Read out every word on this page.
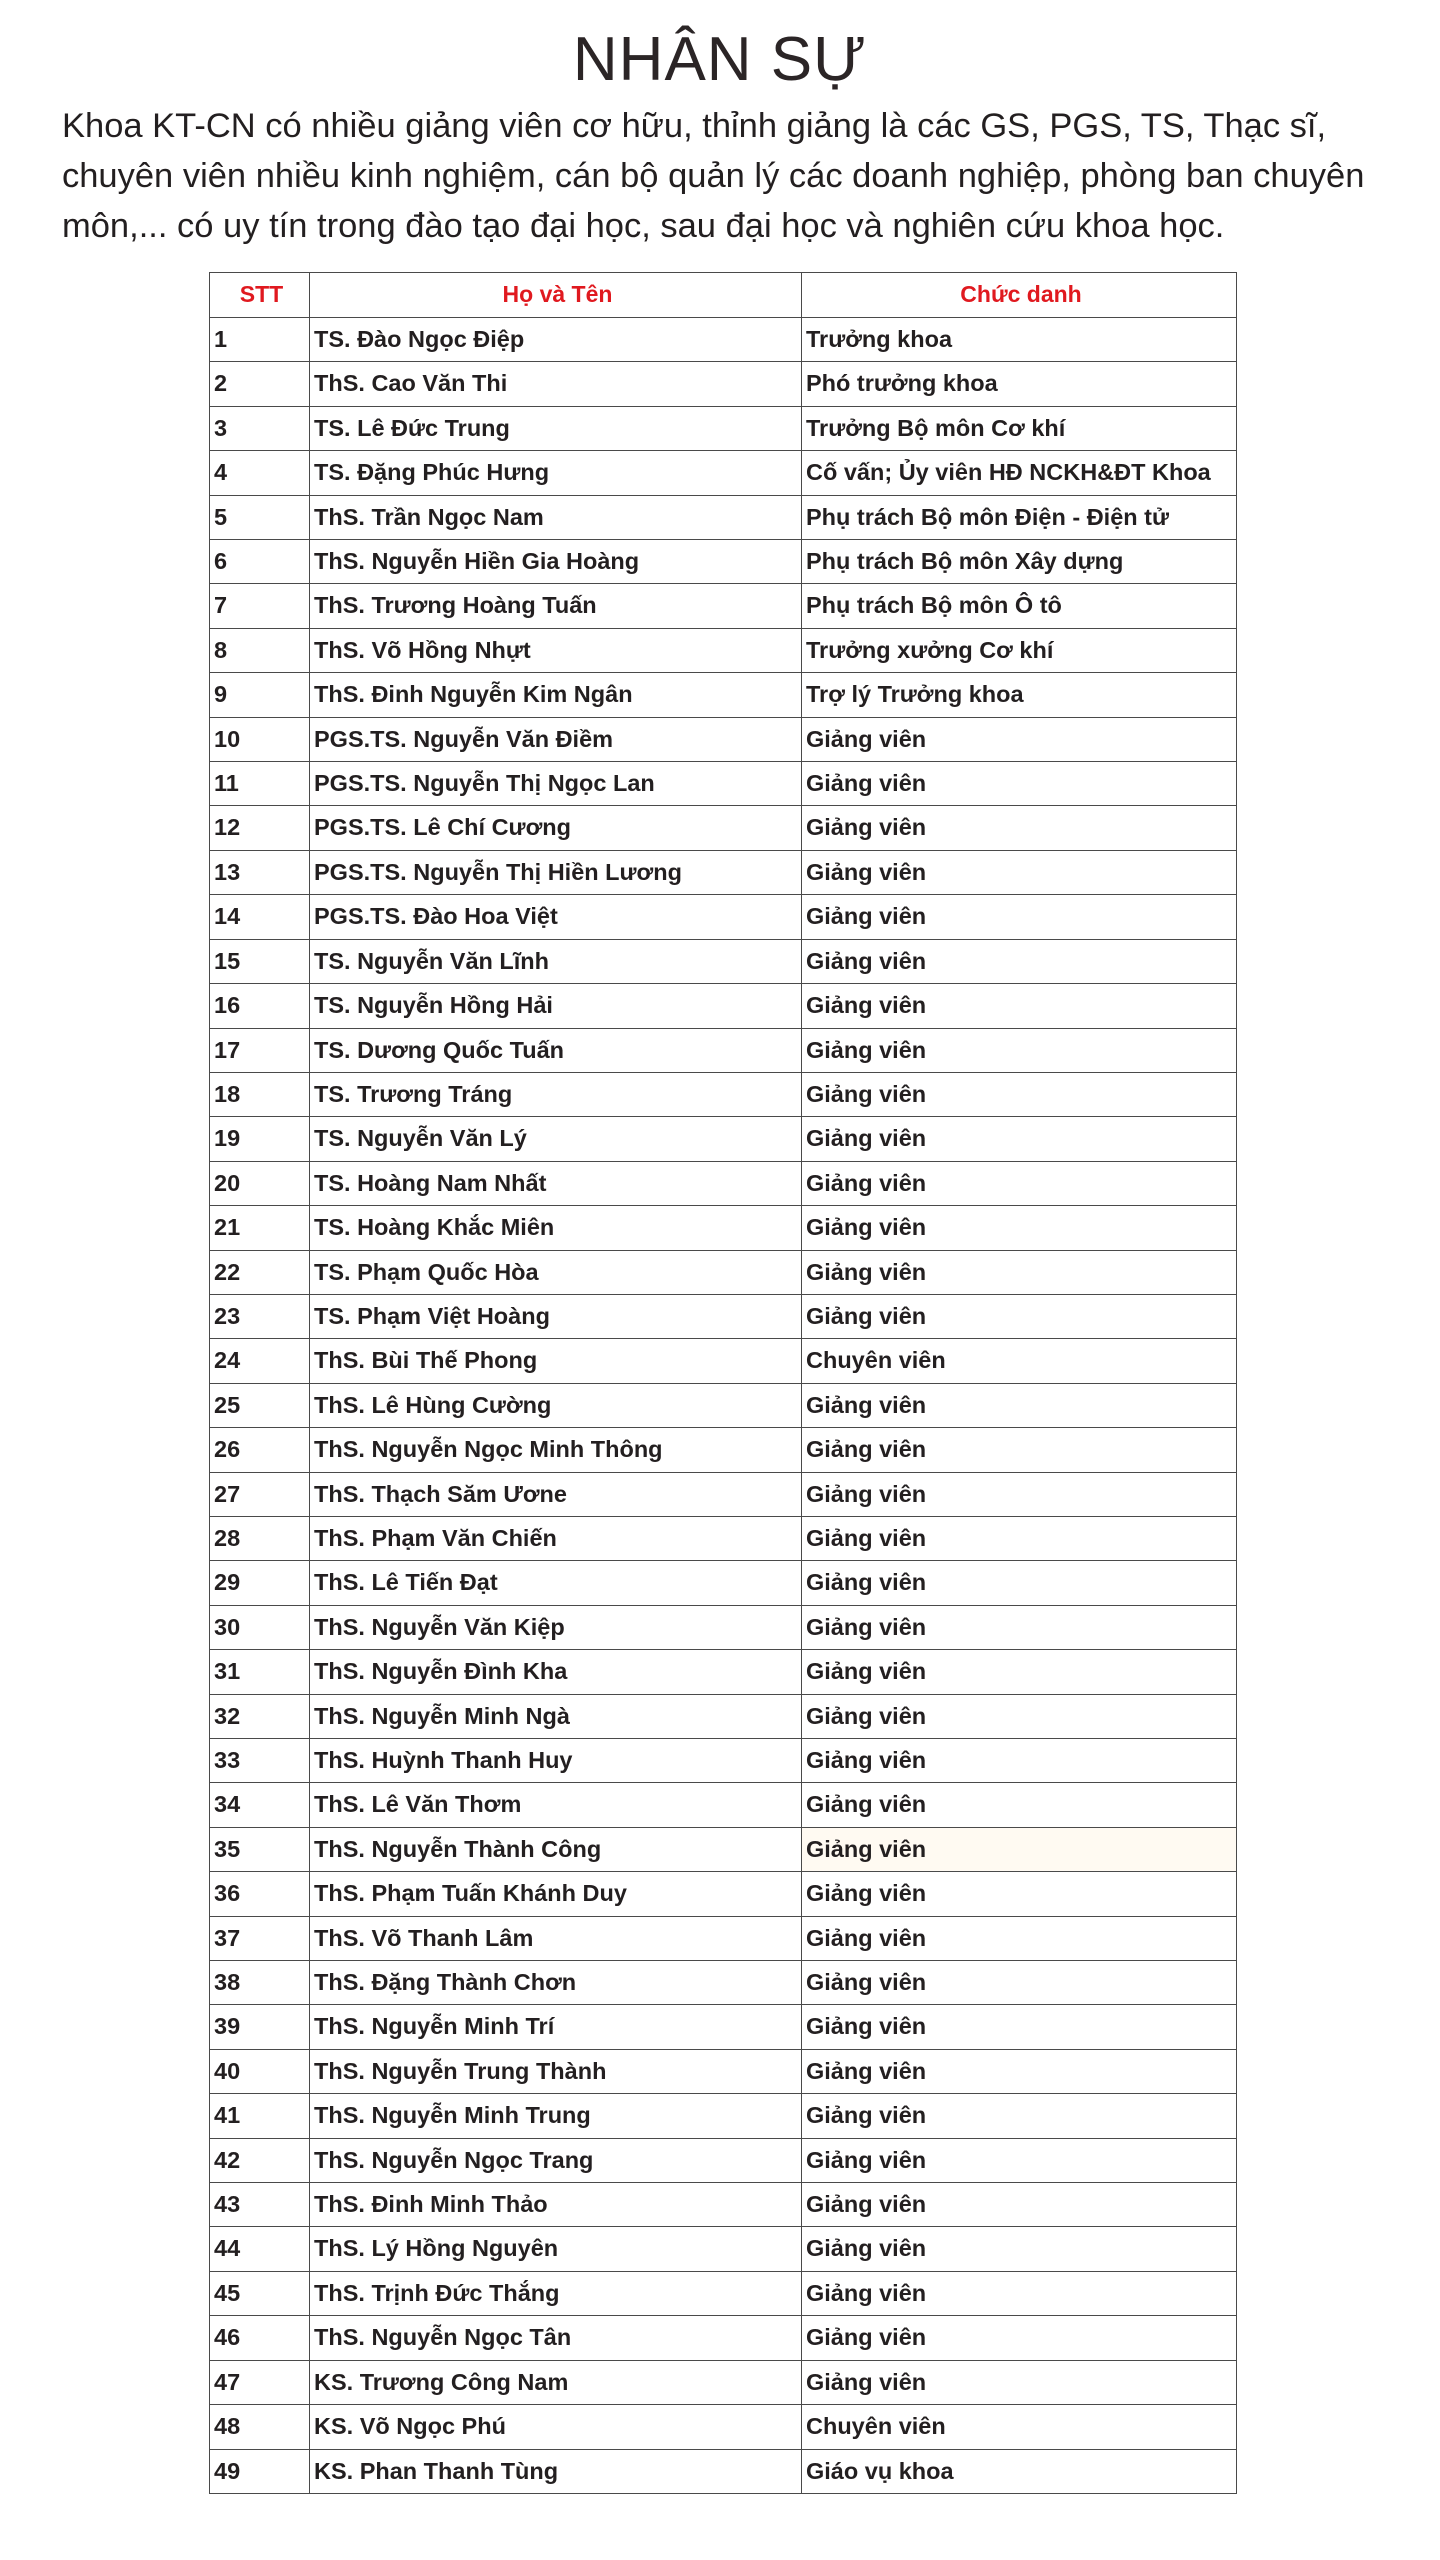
NHÂN SỰ

Khoa KT-CN có nhiều giảng viên cơ hữu, thỉnh giảng là các GS, PGS, TS, Thạc sĩ, chuyên viên nhiều kinh nghiệm, cán bộ quản lý các doanh nghiệp, phòng ban chuyên môn,... có uy tín trong đào tạo đại học, sau đại học và nghiên cứu khoa học.

STT	Họ và Tên	Chức danh
1	TS. Đào Ngọc Điệp	Trưởng khoa
2	ThS. Cao Văn Thi	Phó trưởng khoa
3	TS. Lê Đức Trung	Trưởng Bộ môn Cơ khí
4	TS. Đặng Phúc Hưng	Cố vấn; Ủy viên HĐ NCKH&ĐT Khoa
5	ThS. Trần Ngọc Nam	Phụ trách Bộ môn Điện - Điện tử
6	ThS. Nguyễn Hiền Gia Hoàng	Phụ trách Bộ môn Xây dựng
7	ThS. Trương Hoàng Tuấn	Phụ trách Bộ môn Ô tô
8	ThS. Võ Hồng Nhựt	Trưởng xưởng Cơ khí
9	ThS. Đinh Nguyễn Kim Ngân	Trợ lý Trưởng khoa
10	PGS.TS. Nguyễn Văn Điềm	Giảng viên
11	PGS.TS. Nguyễn Thị Ngọc Lan	Giảng viên
12	PGS.TS. Lê Chí Cương	Giảng viên
13	PGS.TS. Nguyễn Thị Hiền Lương	Giảng viên
14	PGS.TS. Đào Hoa Việt	Giảng viên
15	TS. Nguyễn Văn Lĩnh	Giảng viên
16	TS. Nguyễn Hồng Hải	Giảng viên
17	TS. Dương Quốc Tuấn	Giảng viên
18	TS. Trương Tráng	Giảng viên
19	TS. Nguyễn Văn Lý	Giảng viên
20	TS. Hoàng Nam Nhất	Giảng viên
21	TS. Hoàng Khắc Miên	Giảng viên
22	TS. Phạm Quốc Hòa	Giảng viên
23	TS. Phạm Việt Hoàng	Giảng viên
24	ThS. Bùi Thế Phong	Chuyên viên
25	ThS. Lê Hùng Cường	Giảng viên
26	ThS. Nguyễn Ngọc Minh Thông	Giảng viên
27	ThS. Thạch Săm Ươne	Giảng viên
28	ThS. Phạm Văn Chiến	Giảng viên
29	ThS. Lê Tiến Đạt	Giảng viên
30	ThS. Nguyễn Văn Kiệp	Giảng viên
31	ThS. Nguyễn Đình Kha	Giảng viên
32	ThS. Nguyễn Minh Ngà	Giảng viên
33	ThS. Huỳnh Thanh Huy	Giảng viên
34	ThS. Lê Văn Thơm	Giảng viên
35	ThS. Nguyễn Thành Công	Giảng viên
36	ThS. Phạm Tuấn Khánh Duy	Giảng viên
37	ThS. Võ Thanh Lâm	Giảng viên
38	ThS. Đặng Thành Chơn	Giảng viên
39	ThS. Nguyễn Minh Trí	Giảng viên
40	ThS. Nguyễn Trung Thành	Giảng viên
41	ThS. Nguyễn Minh Trung	Giảng viên
42	ThS. Nguyễn Ngọc Trang	Giảng viên
43	ThS. Đinh Minh Thảo	Giảng viên
44	ThS. Lý Hồng Nguyên	Giảng viên
45	ThS. Trịnh Đức Thắng	Giảng viên
46	ThS. Nguyễn Ngọc Tân	Giảng viên
47	KS. Trương Công Nam	Giảng viên
48	KS. Võ Ngọc Phú	Chuyên viên
49	KS. Phan Thanh Tùng	Giáo vụ khoa
